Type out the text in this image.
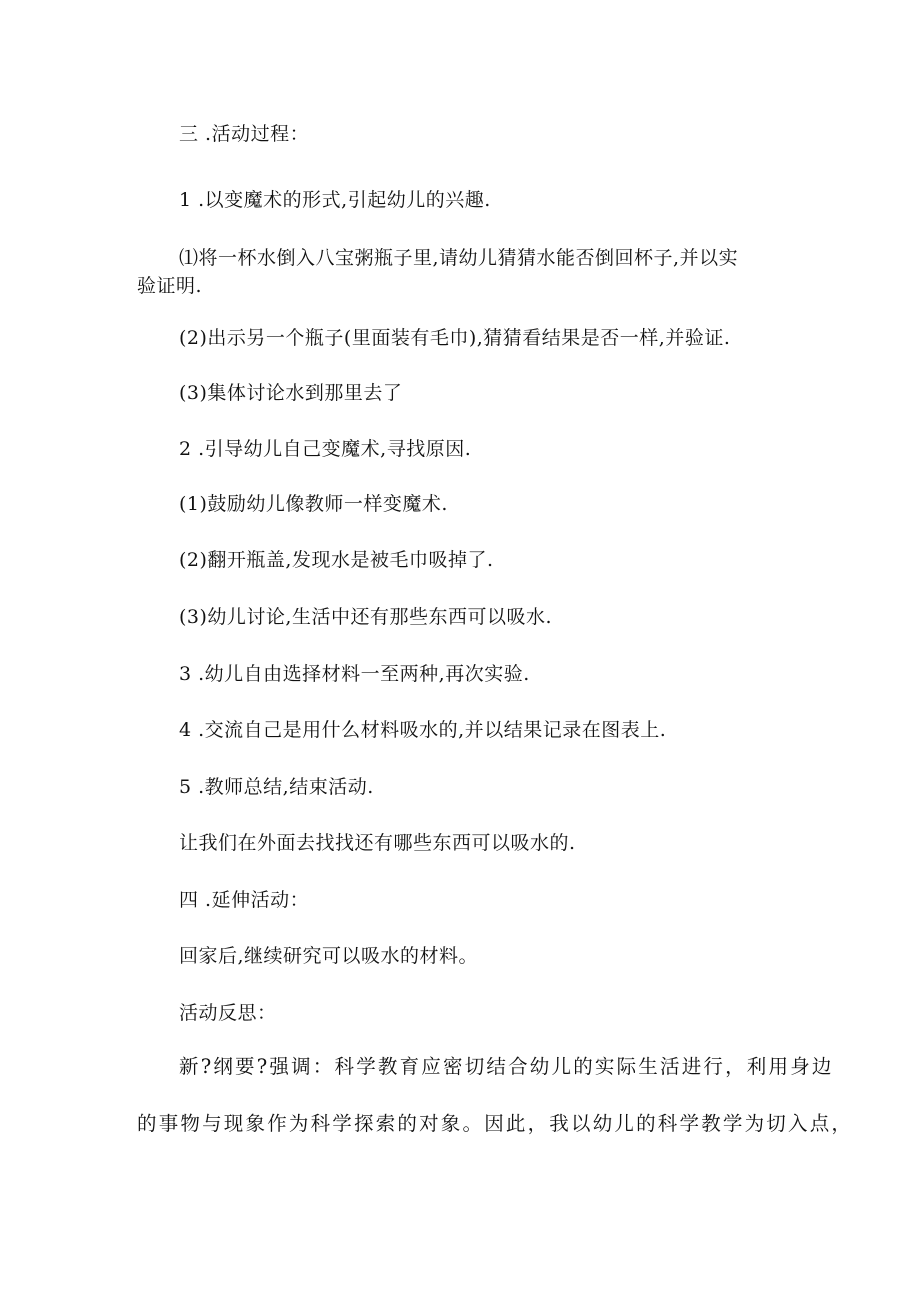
三 .活动过程：
1 .以变魔术的形式,引起幼儿的兴趣.
⑴将一杯水倒入八宝粥瓶子里,请幼儿猜猜水能否倒回杯子,并以实
验证明.
(2)出示另一个瓶子(里面装有毛巾),猜猜看结果是否一样,并验证.
(3)集体讨论水到那里去了
2 .引导幼儿自己变魔术,寻找原因.
(1)鼓励幼儿像教师一样变魔术.
(2)翻开瓶盖,发现水是被毛巾吸掉了.
(3)幼儿讨论,生活中还有那些东西可以吸水.
3 .幼儿自由选择材料一至两种,再次实验.
4 .交流自己是用什么材料吸水的,并以结果记录在图表上.
5 .教师总结,结束活动.
让我们在外面去找找还有哪些东西可以吸水的.
四 .延伸活动：
回家后,继续研究可以吸水的材料。
活动反思：
新?纲要?强调：科学教育应密切结合幼儿的实际生活进行，利用身边
的事物与现象作为科学探索的对象。因此，我以幼儿的科学教学为切入点，
